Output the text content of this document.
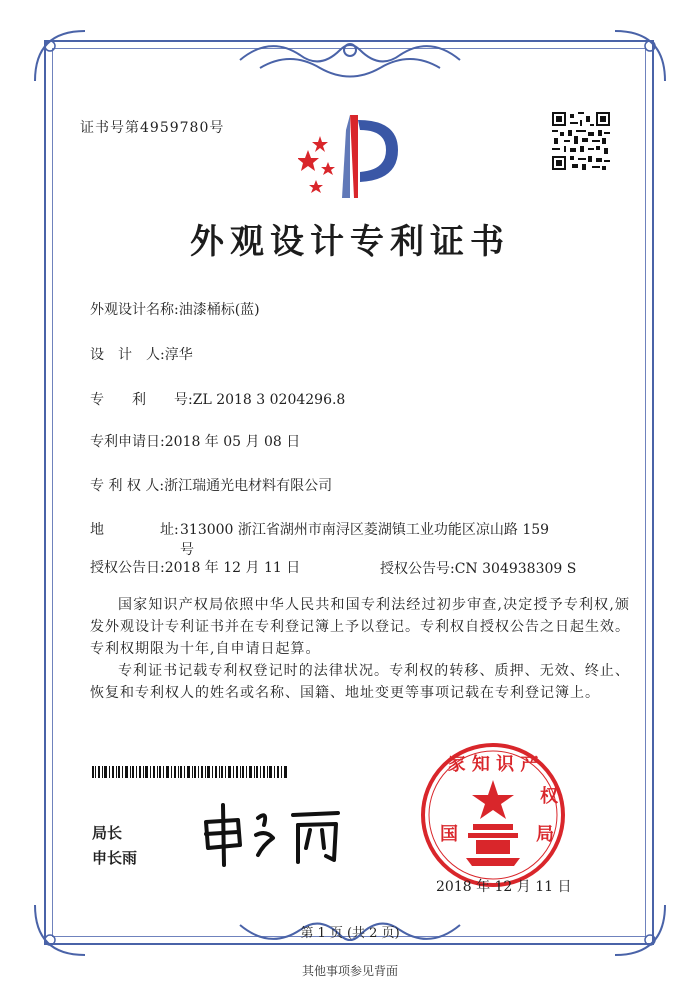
证书号第4959780号
外观设计专利证书
外观设计名称:油漆桶标(蓝)
设　计　人:淳华
专　　利　　号:ZL 2018 3 0204296.8
专利申请日:2018 年 05 月 08 日
专 利 权 人:浙江瑞通光电材料有限公司
地　　　　址: 313000 浙江省湖州市南浔区菱湖镇工业功能区凉山路 159 号
授权公告日:2018 年 12 月 11 日	授权公告号:CN 304938309 S
国家知识产权局依照中华人民共和国专利法经过初步审查,决定授予专利权,颁发外观设计专利证书并在专利登记簿上予以登记。专利权自授权公告之日起生效。专利权期限为十年,自申请日起算。
专利证书记载专利权登记时的法律状况。专利权的转移、质押、无效、终止、恢复和专利权人的姓名或名称、国籍、地址变更等事项记载在专利登记簿上。
局长
申长雨
家 知 识 产
国	局
权
2018 年 12 月 11 日
第 1 页 (共 2 页)
其他事项参见背面
